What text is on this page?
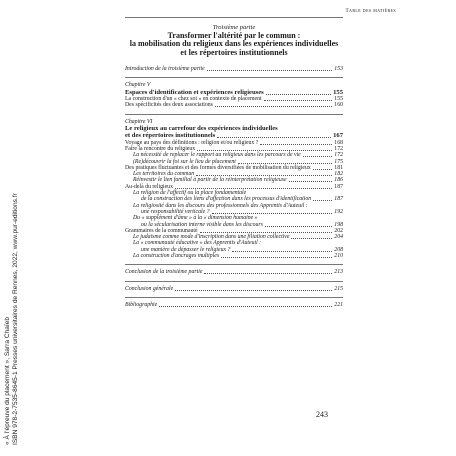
Table des matières
Troisième partie
Transformer l'altérité par le commun :
la mobilisation du religieux dans les expériences individuelles
et les répertoires institutionnels
Introduction de la troisième partie	153
Chapitre V
Espaces d'identification et expériences religieuses	155
La construction d'un « chez soi » en contexte de placement	155
Des spécificités des deux associations	160
Chapitre VI
Le religieux au carrefour des expériences individuelles
et des répertoires institutionnels	167
Voyage au pays des définitions : religion et/ou religieux ?	168
Faire la rencontre du religieux	172
La nécessité de replacer le rapport au religieux dans les parcours de vie	172
(Re)découvrir la foi sur le lieu de placement	175
Des pratiques fluctuantes et des formes diversifiées de mobilisation du religieux	181
Les territoires du commun	182
Réinvestir le lien familial à partir de la réinterprétation religieuse	186
Au-delà du religieux	187
La religion de l'affectif ou la place fondamentale
de la construction des liens d'affection dans les processus d'identification	187
La religiosité dans les discours des professionnels des Apprentis d'Auteuil :
une responsabilité verticale ?	192
Du « supplément d'âme » à la « dimension humaine »
ou la sécularisation interne visible dans les discours	198
Grammaires de la communauté	202
Le judaïsme comme mode d'inscription dans une filiation collective	204
La « communauté éducative » des Apprentis d'Auteuil :
une manière de dépasser le religieux ?	208
La construction d'ancrages multiples	210
Conclusion de la troisième partie	213
Conclusion générale	215
Bibliographie	221
243
« À l'épreuve du placement », Sarra Chaïeb ISBN 978-2-7535-8645-1 Presses universitaires de Rennes, 2022, www.pur-editions.fr
